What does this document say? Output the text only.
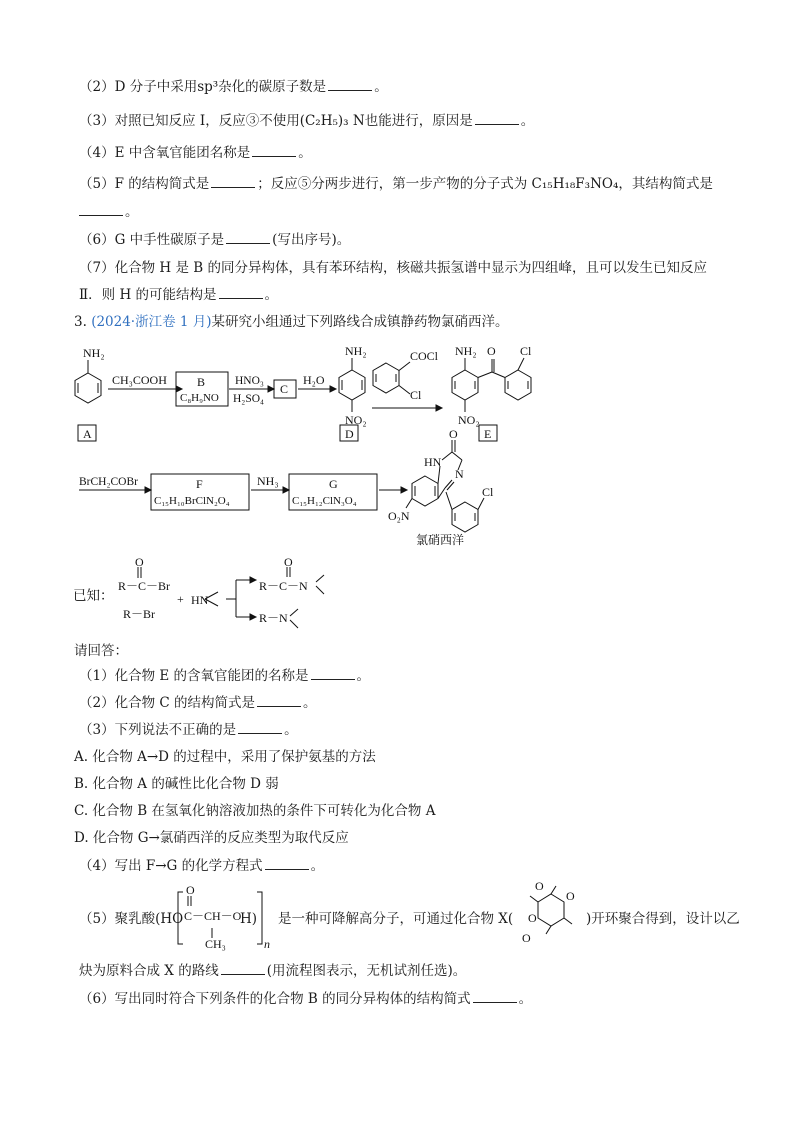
（2）D 分子中采用sp³杂化的碳原子数是	。
（3）对照已知反应 I，反应③不使用(C₂H₅)₃ N也能进行，原因是	。
（4）E 中含氧官能团名称是	。
（5）F 的结构简式是	；反应⑤分两步进行，第一步产物的分子式为 C₁₅H₁₈F₃NO₄，其结构简式是
。
（6）G 中手性碳原子是	(写出序号)。
（7）化合物 H 是 B 的同分异构体，具有苯环结构，核磁共振氢谱中显示为四组峰，且可以发生已知反应
Ⅱ．则 H 的可能结构是	。
3. (2024·浙江卷 1 月)某研究小组通过下列路线合成镇静药物氯硝西洋。
NH₂
CH₃COOH	B
C₈H₉NO
HNO₃
H₂SO₄
C
H₂O
NH₂
NO₂
COCl
Cl
NH₂ O Cl
NO₂
A	D	E
BrCH₂COBr	F
C₁₅H₁₀BrClN₂O₄
NH₃	G
C₁₅H₁₂ClN₃O₄
O
HN
N
Cl
O₂N
氯硝西洋
已知：
O
R－C－Br
R－Br
+ HN
O
R－C－N
R－N
O
C－CH－O
CH₃	n
O
O
O
O
请回答：
（1）化合物 E 的含氧官能团的名称是	。
（2）化合物 C 的结构简式是	。
（3）下列说法不正确的是	。
A. 化合物 A→D 的过程中，采用了保护氨基的方法
B. 化合物 A 的碱性比化合物 D 弱
C. 化合物 B 在氢氧化钠溶液加热的条件下可转化为化合物 A
D. 化合物 G→氯硝西洋的反应类型为取代反应
（4）写出 F→G 的化学方程式	。
（5）聚乳酸(HO	H) 是一种可降解高分子，可通过化合物 X(	)开环聚合得到，设计以乙
炔为原料合成 X 的路线	(用流程图表示，无机试剂任选)。
（6）写出同时符合下列条件的化合物 B 的同分异构体的结构简式	。
